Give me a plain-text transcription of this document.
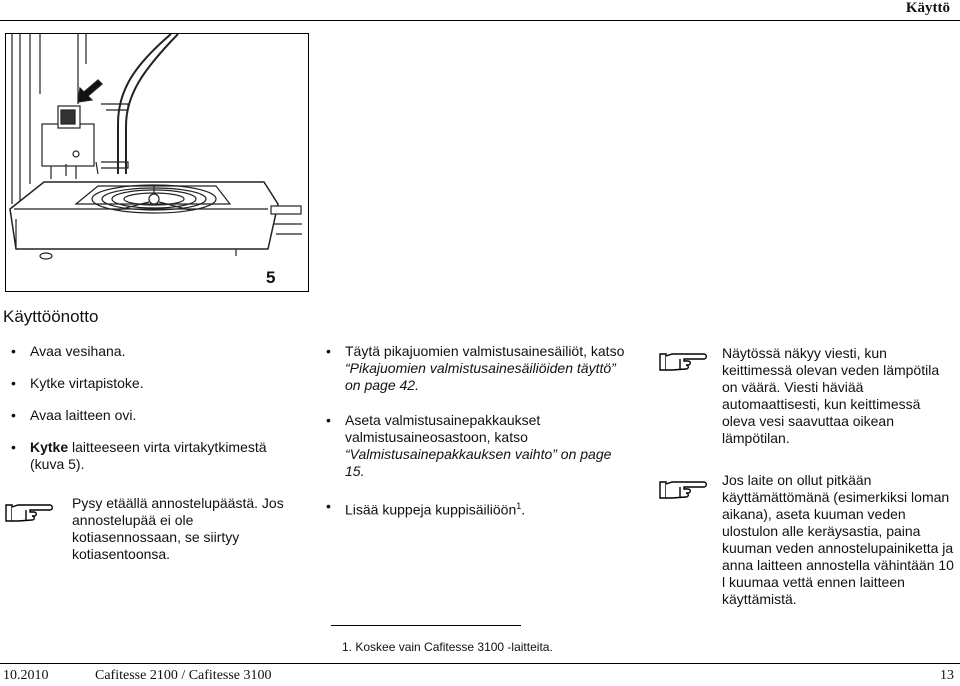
Käyttö
5
Käyttöönotto
• Avaa vesihana.
• Kytke virtapistoke.
• Avaa laitteen ovi.
• Kytke laitteeseen virta virtakytkimestä (kuva 5).
Pysy etäällä annostelupäästä. Jos annostelupää ei ole kotiasennossaan, se siirtyy kotiasentoonsa.
• Täytä pikajuomien valmistusainesäiliöt, katso “Pikajuomien valmistusainesäiliöiden täyttö” on page 42.
• Aseta valmistusainepakkaukset valmistusaineosastoon, katso “Valmistusainepakkauksen vaihto” on page 15.
• Lisää kuppeja kuppisäiliöön$^1$.
1. Koskee vain Cafitesse 3100 -laitteita.
Näytössä näkyy viesti, kun keittimessä olevan veden lämpötila on väärä. Viesti häviää automaattisesti, kun keittimessä oleva vesi saavuttaa oikean lämpötilan.
Jos laite on ollut pitkään käyttämättömänä (esimerkiksi loman aikana), aseta kuuman veden ulostulon alle keräysastia, paina kuuman veden annostelupainiketta ja anna laitteen annostella vähintään 10 l kuumaa vettä ennen laitteen käyttämistä.
10.2010	Cafitesse 2100 / Cafitesse 3100	13
